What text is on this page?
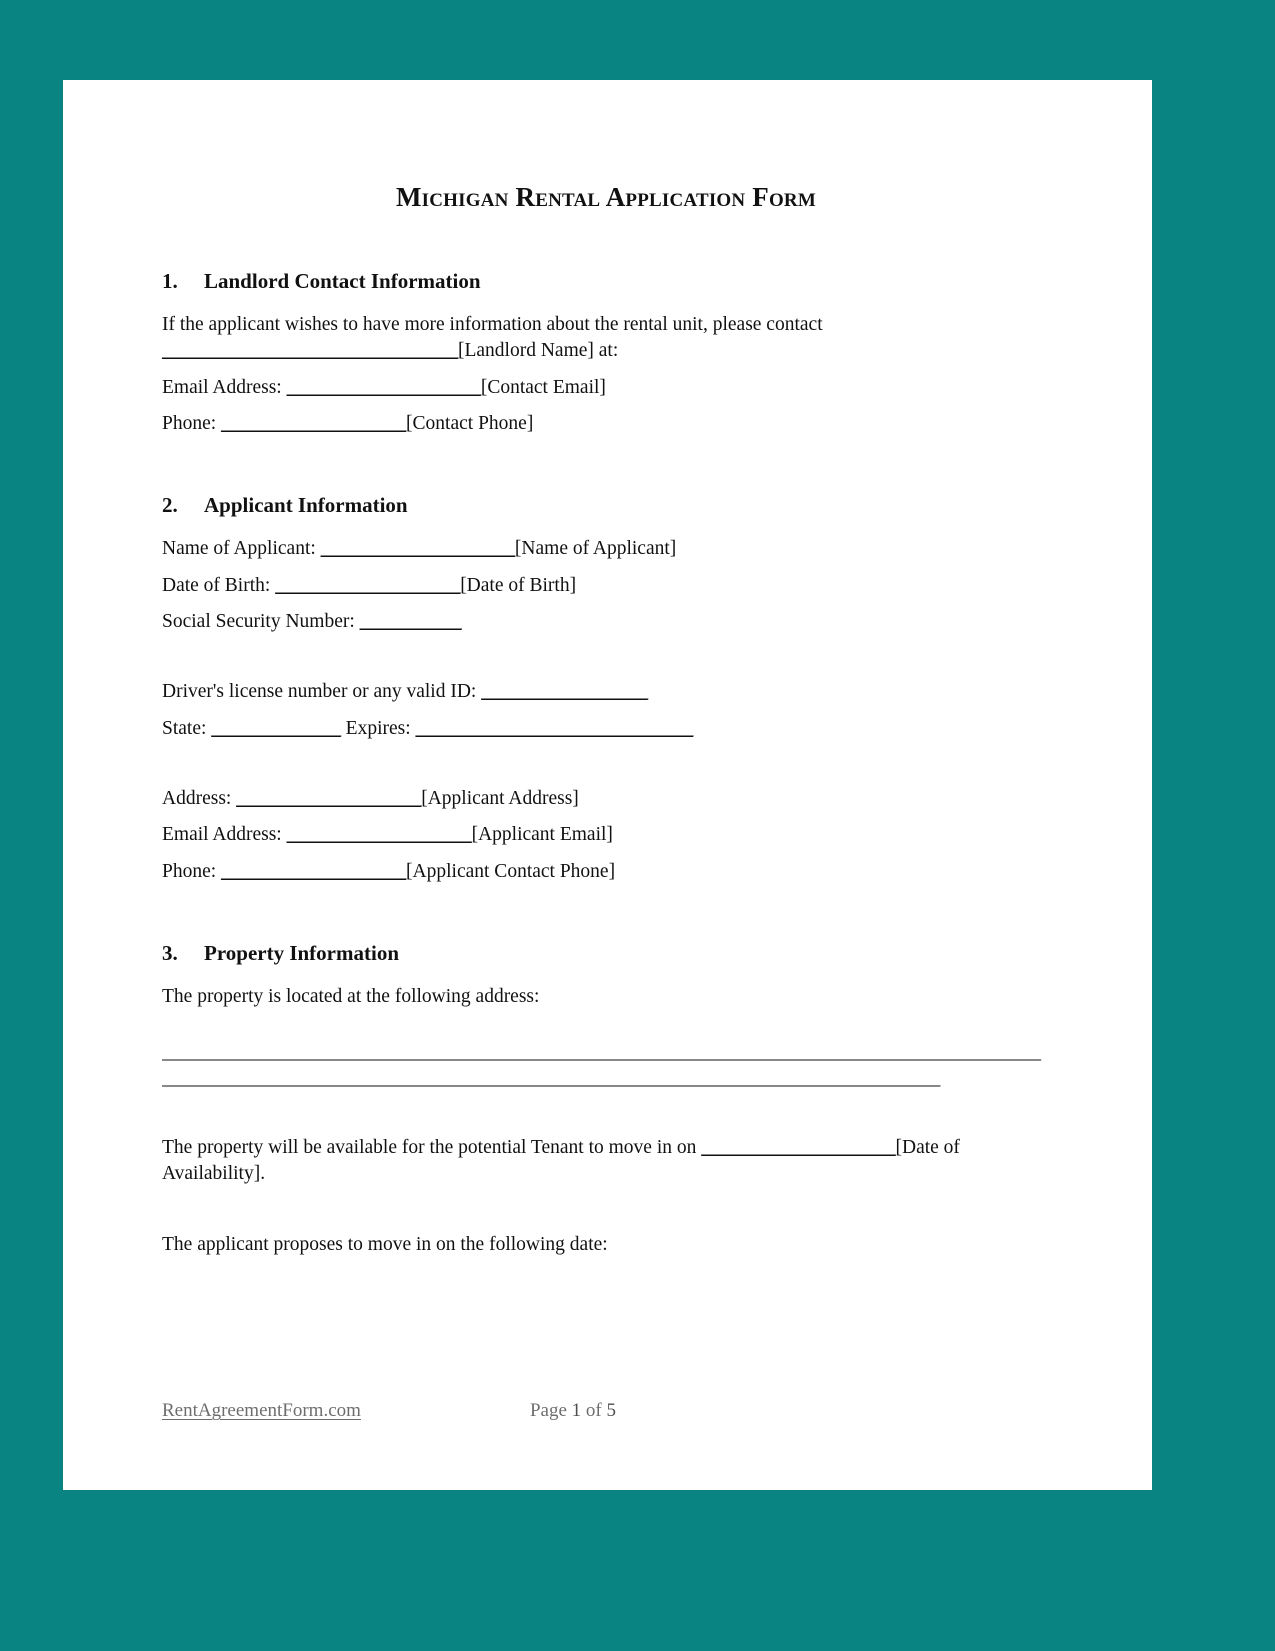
Michigan Rental Application Form
1.	Landlord Contact Information

If the applicant wishes to have more information about the rental unit, please contact

________________________________[Landlord Name] at:

Email Address: _____________________[Contact Email]

Phone: ____________________[Contact Phone]

2.	Applicant Information

Name of Applicant: _____________________[Name of Applicant]

Date of Birth: ____________________[Date of Birth]

Social Security Number: ___________

Driver's license number or any valid ID: __________________

State: ______________ Expires: ______________________________

Address: ____________________[Applicant Address]

Email Address: ____________________[Applicant Email]

Phone: ____________________[Applicant Contact Phone]

3.	Property Information

The property is located at the following address:

________________________________________________________________________________________________

_____________________________________________________________________________________

The property will be available for the potential Tenant to move in on _____________________[Date of Availability].

The applicant proposes to move in on the following date:

RentAgreementForm.com	Page 1 of 5
